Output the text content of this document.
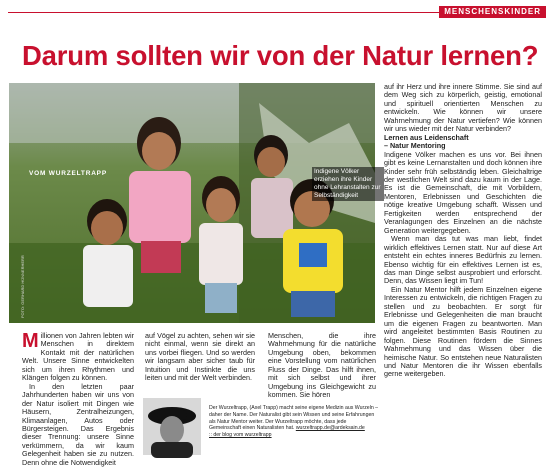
MENSCHENSKINDER
Darum sollten wir von der Natur lernen?
VOM WURZELTRAPP	Indigene Völker erziehen ihre Kinder ohne Lehranstalten zur Selbständigkeit
FOTO: GERHARD HÜNNERHERR

Millionen von Jahren lebten wir Menschen in direktem Kontakt mit der natürlichen Welt. Unsere Sinne entwickelten sich um ihren Rhythmen und Klängen folgen zu können.

In den letzten paar Jahrhunderten haben wir uns von der Natur isoliert mit Dingen wie Häusern, Zentralheizungen, Klimaanlagen, Autos oder Bürgersteigen. Das Ergebnis dieser Trennung: unsere Sinne verkümmern, da wir kaum Gelegenheit haben sie zu nutzen. Denn ohne die Notwendigkeit

auf Vögel zu achten, sehen wir sie nicht einmal, wenn sie direkt an uns vorbei fliegen. Und so werden wir langsam aber sicher taub für Intuition und Instinkte die uns leiten und mit der Welt verbinden.

Menschen, die ihre Wahrnehmung für die natürliche Umgebung oben, bekommen eine Vorstellung vom natürlichen Fluss der Dinge. Das hilft ihnen, mit sich selbst und ihrer Umgebung ins Gleichgewicht zu kommen. Sie hören

auf ihr Herz und ihre innere Stimme. Sie sind auf dem Weg sich zu körperlich, geistig, emotional und spirituell orientierten Menschen zu entwickeln. Wie können wir unsere Wahrnehmung der Natur vertiefen? Wie können wir uns wieder mit der Natur verbinden?

Lernen aus Leidenschaft

– Natur Mentoring

Indigene Völker machen es uns vor. Bei ihnen gibt es keine Lernanstalten und doch können ihre Kinder sehr früh selbständig leben. Gleichaltrige der westlichen Welt sind dazu kaum in der Lage. Es ist die Gemeinschaft, die mit Vorbildern, Mentoren, Erlebnissen und Geschichten die nötige kreative Umgebung schafft. Wissen und Fertigkeiten werden entsprechend der Veranlagungen des Einzelnen an die nächste Generation weitergegeben.

Wenn man das tut was man liebt, findet wirklich effektives Lernen statt. Nur auf diese Art entsteht ein echtes inneres Bedürfnis zu lernen. Ebenso wichtig für ein effektives Lernen ist es, das man Dinge selbst ausprobiert und erforscht. Denn, das Wissen liegt im Tun!

Ein Natur Mentor hilft jedem Einzelnen eigene Interessen zu entwickeln, die richtigen Fragen zu stellen und zu beobachten. Er sorgt für Erlebnisse und Gelegenheiten die man braucht um die eigenen Fragen zu beantworten. Man wird angeleitet bestimmten Basis Routinen zu folgen. Diese Routinen fördern die Sinnes Wahrnehmung und das Wissen über die heimische Natur. So entstehen neue Naturalisten und Natur Mentoren die ihr Wissen ebenfalls gerne weitergeben.

Der Wurzeltrapp, (Axel Trapp) macht seine eigene Medizin aus Wurzeln – daher der Name. Der Naturalist gibt sein Wissen und seine Erfahrungen als Natur Mentor weiter. Der Wurzeltrapp möchte, dass jede Gemeinschaft einen Naturalisten hat. wurzeltrapp.de@ardeksain.de
:: der blog vom wurzeltrapp
